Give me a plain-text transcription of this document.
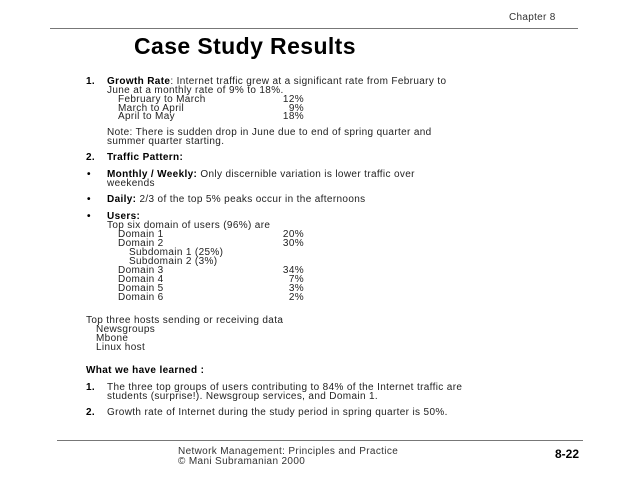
Chapter 8
Case Study Results
1. Growth Rate: Internet traffic grew at a significant rate from February to
June at a monthly rate of 9% to 18%.
February to March	12%
March to April	9%
April to May	18%
Note: There is sudden drop in June due to end of spring quarter and
summer quarter starting.
2. Traffic Pattern:
• Monthly / Weekly: Only discernible variation is lower traffic over
weekends
• Daily: 2/3 of the top 5% peaks occur in the afternoons
• Users:
Top six domain of users (96%) are
Domain 1	20%
Domain 2	30%
Subdomain 1 (25%)
Subdomain 2 (3%)
Domain 3	34%
Domain 4	7%
Domain 5	3%
Domain 6	2%
Top three hosts sending or receiving data
Newsgroups
Mbone
Linux host
What we have learned :
1. The three top groups of users contributing to 84% of the Internet traffic are
students (surprise!). Newsgroup services, and Domain 1.
2. Growth rate of Internet during the study period in spring quarter is 50%.
Network Management: Principles and Practice
© Mani Subramanian 2000
8-22
